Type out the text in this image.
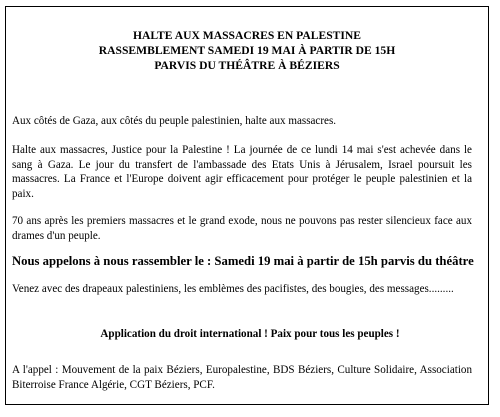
HALTE AUX MASSACRES EN PALESTINE
RASSEMBLEMENT SAMEDI 19 MAI À PARTIR DE 15H
PARVIS DU THÉÂTRE À BÉZIERS

Aux côtés de Gaza, aux côtés du peuple palestinien, halte aux massacres.

Halte aux massacres, Justice pour la Palestine ! La journée de ce lundi 14 mai s'est achevée dans le sang à Gaza. Le jour du transfert de l'ambassade des Etats Unis à Jérusalem, Israel poursuit les massacres. La France et l'Europe doivent agir efficacement pour protéger le peuple palestinien et la paix.

70 ans après les premiers massacres et le grand exode, nous ne pouvons pas rester silencieux face aux drames d'un peuple.

Nous appelons à nous rassembler le : Samedi 19 mai à partir de 15h parvis du théâtre

Venez avec des drapeaux palestiniens, les emblèmes des pacifistes, des bougies, des messages.........

Application du droit international ! Paix pour tous les peuples !

A l'appel : Mouvement de la paix Béziers, Europalestine, BDS Béziers, Culture Solidaire, Association Biterroise France Algérie, CGT Béziers, PCF.
